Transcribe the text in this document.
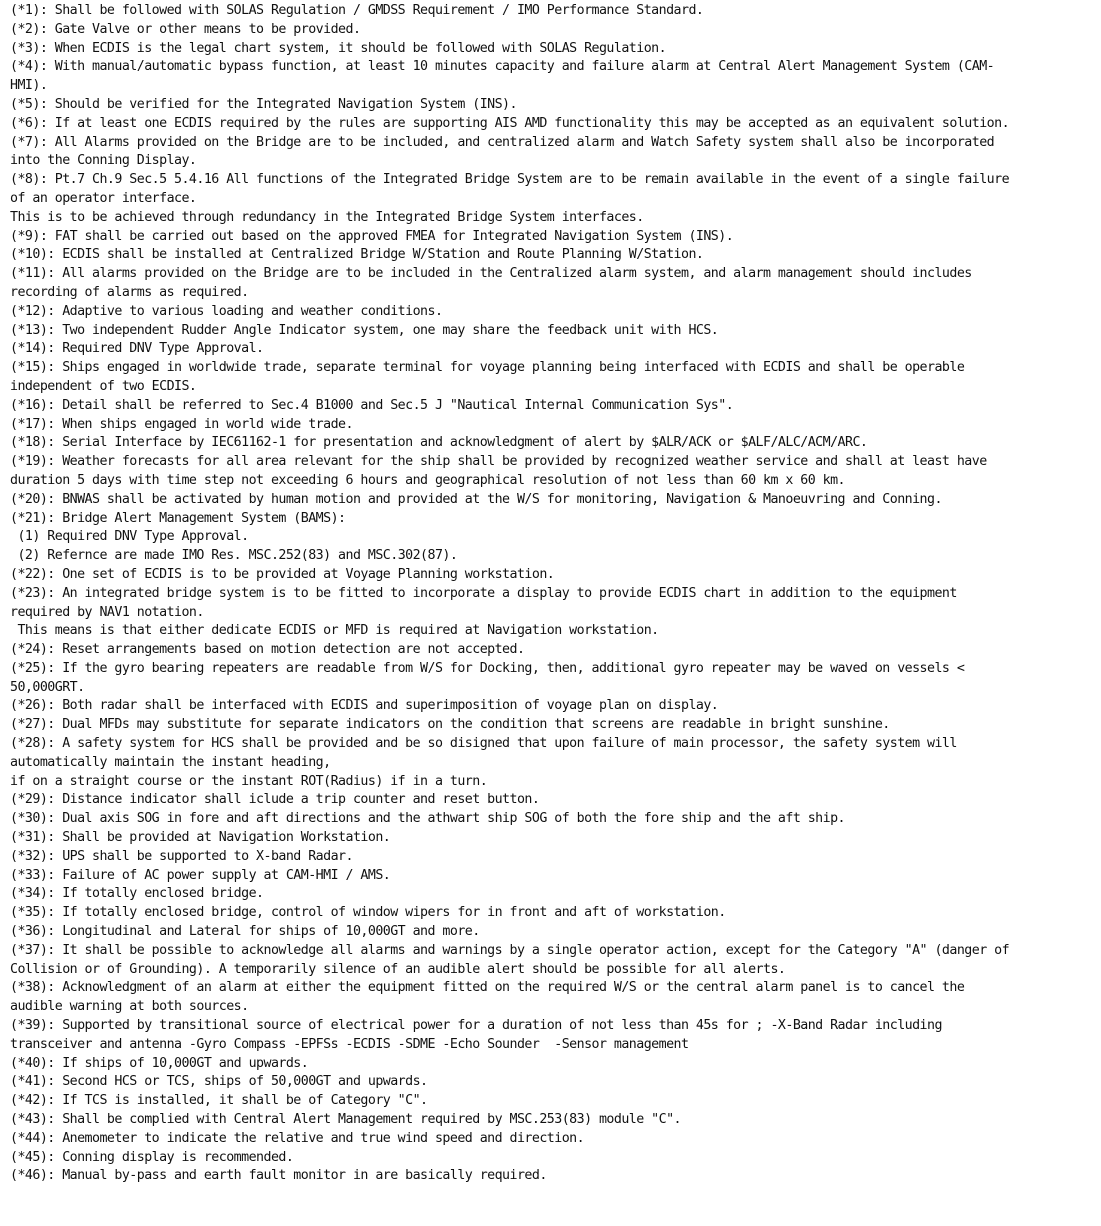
(*1): Shall be followed with SOLAS Regulation / GMDSS Requirement / IMO Performance Standard.

(*2): Gate Valve or other means to be provided.

(*3): When ECDIS is the legal chart system, it should be followed with SOLAS Regulation.

(*4): With manual/automatic bypass function, at least 10 minutes capacity and failure alarm at Central Alert Management System (CAM-
HMI).

(*5): Should be verified for the Integrated Navigation System (INS).

(*6): If at least one ECDIS required by the rules are supporting AIS AMD functionality this may be accepted as an equivalent solution.

(*7): All Alarms provided on the Bridge are to be included, and centralized alarm and Watch Safety system shall also be incorporated
into the Conning Display.

(*8): Pt.7 Ch.9 Sec.5 5.4.16 All functions of the Integrated Bridge System are to be remain available in the event of a single failure
of an operator interface.

This is to be achieved through redundancy in the Integrated Bridge System interfaces.

(*9): FAT shall be carried out based on the approved FMEA for Integrated Navigation System (INS).

(*10): ECDIS shall be installed at Centralized Bridge W/Station and Route Planning W/Station.

(*11): All alarms provided on the Bridge are to be included in the Centralized alarm system, and alarm management should includes
recording of alarms as required.

(*12): Adaptive to various loading and weather conditions.

(*13): Two independent Rudder Angle Indicator system, one may share the feedback unit with HCS.

(*14): Required DNV Type Approval.

(*15): Ships engaged in worldwide trade, separate terminal for voyage planning being interfaced with ECDIS and shall be operable
independent of two ECDIS.

(*16): Detail shall be referred to Sec.4 B1000 and Sec.5 J "Nautical Internal Communication Sys".

(*17): When ships engaged in world wide trade.

(*18): Serial Interface by IEC61162-1 for presentation and acknowledgment of alert by $ALR/ACK or $ALF/ALC/ACM/ARC.

(*19): Weather forecasts for all area relevant for the ship shall be provided by recognized weather service and shall at least have
duration 5 days with time step not exceeding 6 hours and geographical resolution of not less than 60 km x 60 km.

(*20): BNWAS shall be activated by human motion and provided at the W/S for monitoring, Navigation & Manoeuvring and Conning.

(*21): Bridge Alert Management System (BAMS):

(1) Required DNV Type Approval.

(2) Refernce are made IMO Res. MSC.252(83) and MSC.302(87).

(*22): One set of ECDIS is to be provided at Voyage Planning workstation.

(*23): An integrated bridge system is to be fitted to incorporate a display to provide ECDIS chart in addition to the equipment
required by NAV1 notation.

This means is that either dedicate ECDIS or MFD is required at Navigation workstation.

(*24): Reset arrangements based on motion detection are not accepted.

(*25): If the gyro bearing repeaters are readable from W/S for Docking, then, additional gyro repeater may be waved on vessels <
50,000GRT.

(*26): Both radar shall be interfaced with ECDIS and superimposition of voyage plan on display.

(*27): Dual MFDs may substitute for separate indicators on the condition that screens are readable in bright sunshine.

(*28): A safety system for HCS shall be provided and be so disigned that upon failure of main processor, the safety system will
automatically maintain the instant heading,

if on a straight course or the instant ROT(Radius) if in a turn.

(*29): Distance indicator shall iclude a trip counter and reset button.

(*30): Dual axis SOG in fore and aft directions and the athwart ship SOG of both the fore ship and the aft ship.

(*31): Shall be provided at Navigation Workstation.

(*32): UPS shall be supported to X-band Radar.

(*33): Failure of AC power supply at CAM-HMI / AMS.

(*34): If totally enclosed bridge.

(*35): If totally enclosed bridge, control of window wipers for in front and aft of workstation.

(*36): Longitudinal and Lateral for ships of 10,000GT and more.

(*37): It shall be possible to acknowledge all alarms and warnings by a single operator action, except for the Category "A" (danger of
Collision or of Grounding). A temporarily silence of an audible alert should be possible for all alerts.

(*38): Acknowledgment of an alarm at either the equipment fitted on the required W/S or the central alarm panel is to cancel the
audible warning at both sources.

(*39): Supported by transitional source of electrical power for a duration of not less than 45s for ; -X-Band Radar including
transceiver and antenna -Gyro Compass -EPFSs -ECDIS -SDME -Echo Sounder  -Sensor management

(*40): If ships of 10,000GT and upwards.

(*41): Second HCS or TCS, ships of 50,000GT and upwards.

(*42): If TCS is installed, it shall be of Category "C".

(*43): Shall be complied with Central Alert Management required by MSC.253(83) module "C".

(*44): Anemometer to indicate the relative and true wind speed and direction.

(*45): Conning display is recommended.

(*46): Manual by-pass and earth fault monitor in are basically required.
